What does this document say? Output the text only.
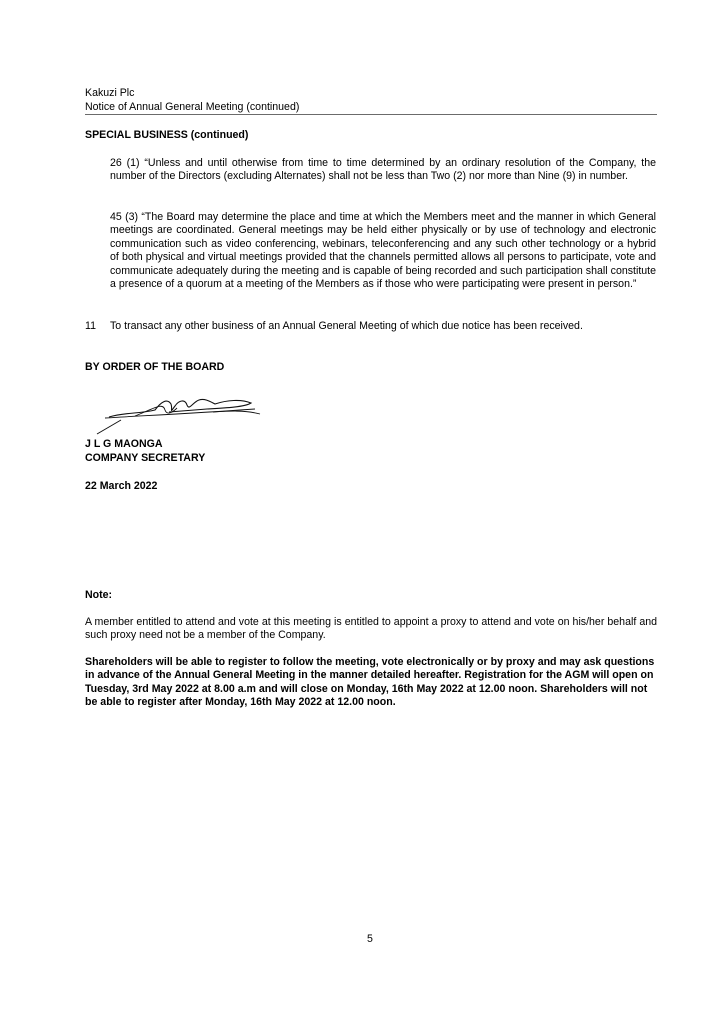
Kakuzi Plc
Notice of Annual General Meeting (continued)
SPECIAL BUSINESS (continued)
26 (1) “Unless and until otherwise from time to time determined by an ordinary resolution of the Company, the number of the Directors (excluding Alternates) shall not be less than Two (2) nor more than Nine (9) in number.
45 (3) “The Board may determine the place and time at which the Members meet and the manner in which General meetings are coordinated. General meetings may be held either physically or by use of technology and electronic communication such as video conferencing, webinars, teleconferencing and any such other technology or a hybrid of both physical and virtual meetings provided that the channels permitted allows all persons to participate, vote and communicate adequately during the meeting and is capable of being recorded and such participation shall constitute a presence of a quorum at a meeting of the Members as if those who were participating were present in person.”
11 To transact any other business of an Annual General Meeting of which due notice has been received.
BY ORDER OF THE BOARD
J L G MAONGA
COMPANY SECRETARY
22 March 2022
Note:
A member entitled to attend and vote at this meeting is entitled to appoint a proxy to attend and vote on his/her behalf and such proxy need not be a member of the Company.
Shareholders will be able to register to follow the meeting, vote electronically or by proxy and may ask questions in advance of the Annual General Meeting in the manner detailed hereafter. Registration for the AGM will open on Tuesday, 3rd May 2022 at 8.00 a.m and will close on Monday, 16th May 2022 at 12.00 noon. Shareholders will not be able to register after Monday, 16th May 2022 at 12.00 noon.
5
